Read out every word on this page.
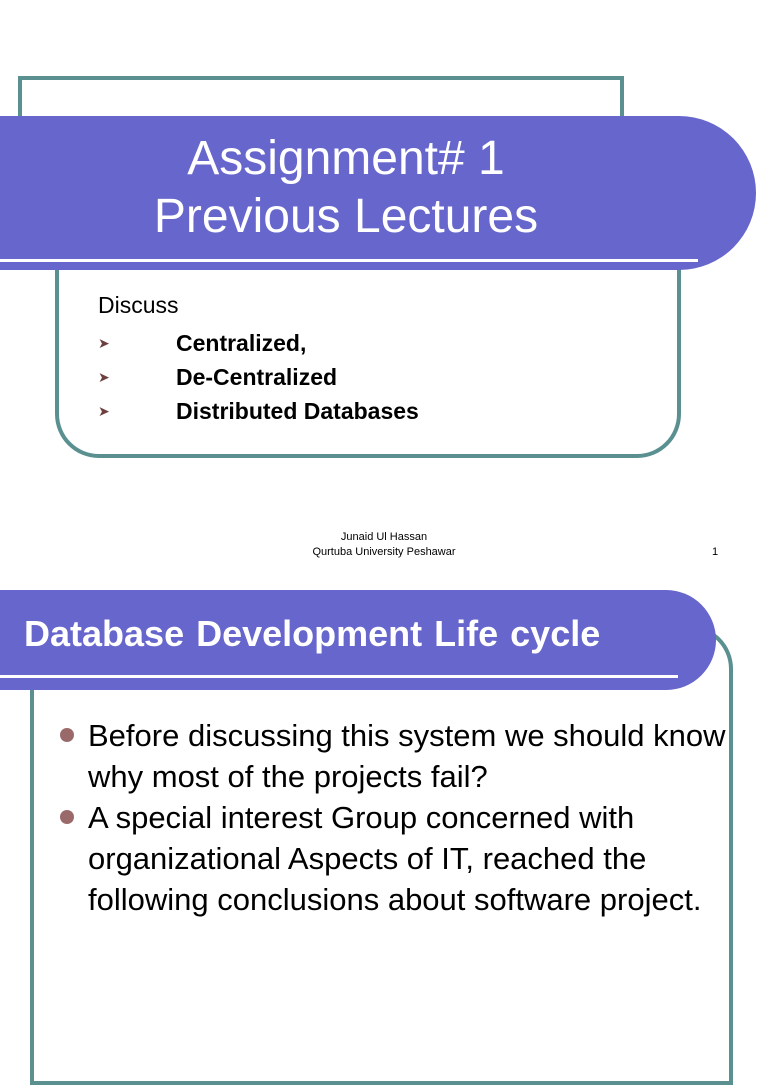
Assignment# 1
Previous Lectures
Discuss
➤	Centralized,
➤	De-Centralized
➤	Distributed Databases
Junaid Ul Hassan
Qurtuba University Peshawar	1
Database Development Life cycle
Before discussing this system we should know why most of the projects fail?
A special interest Group concerned with organizational Aspects of IT, reached the following conclusions about software project.
